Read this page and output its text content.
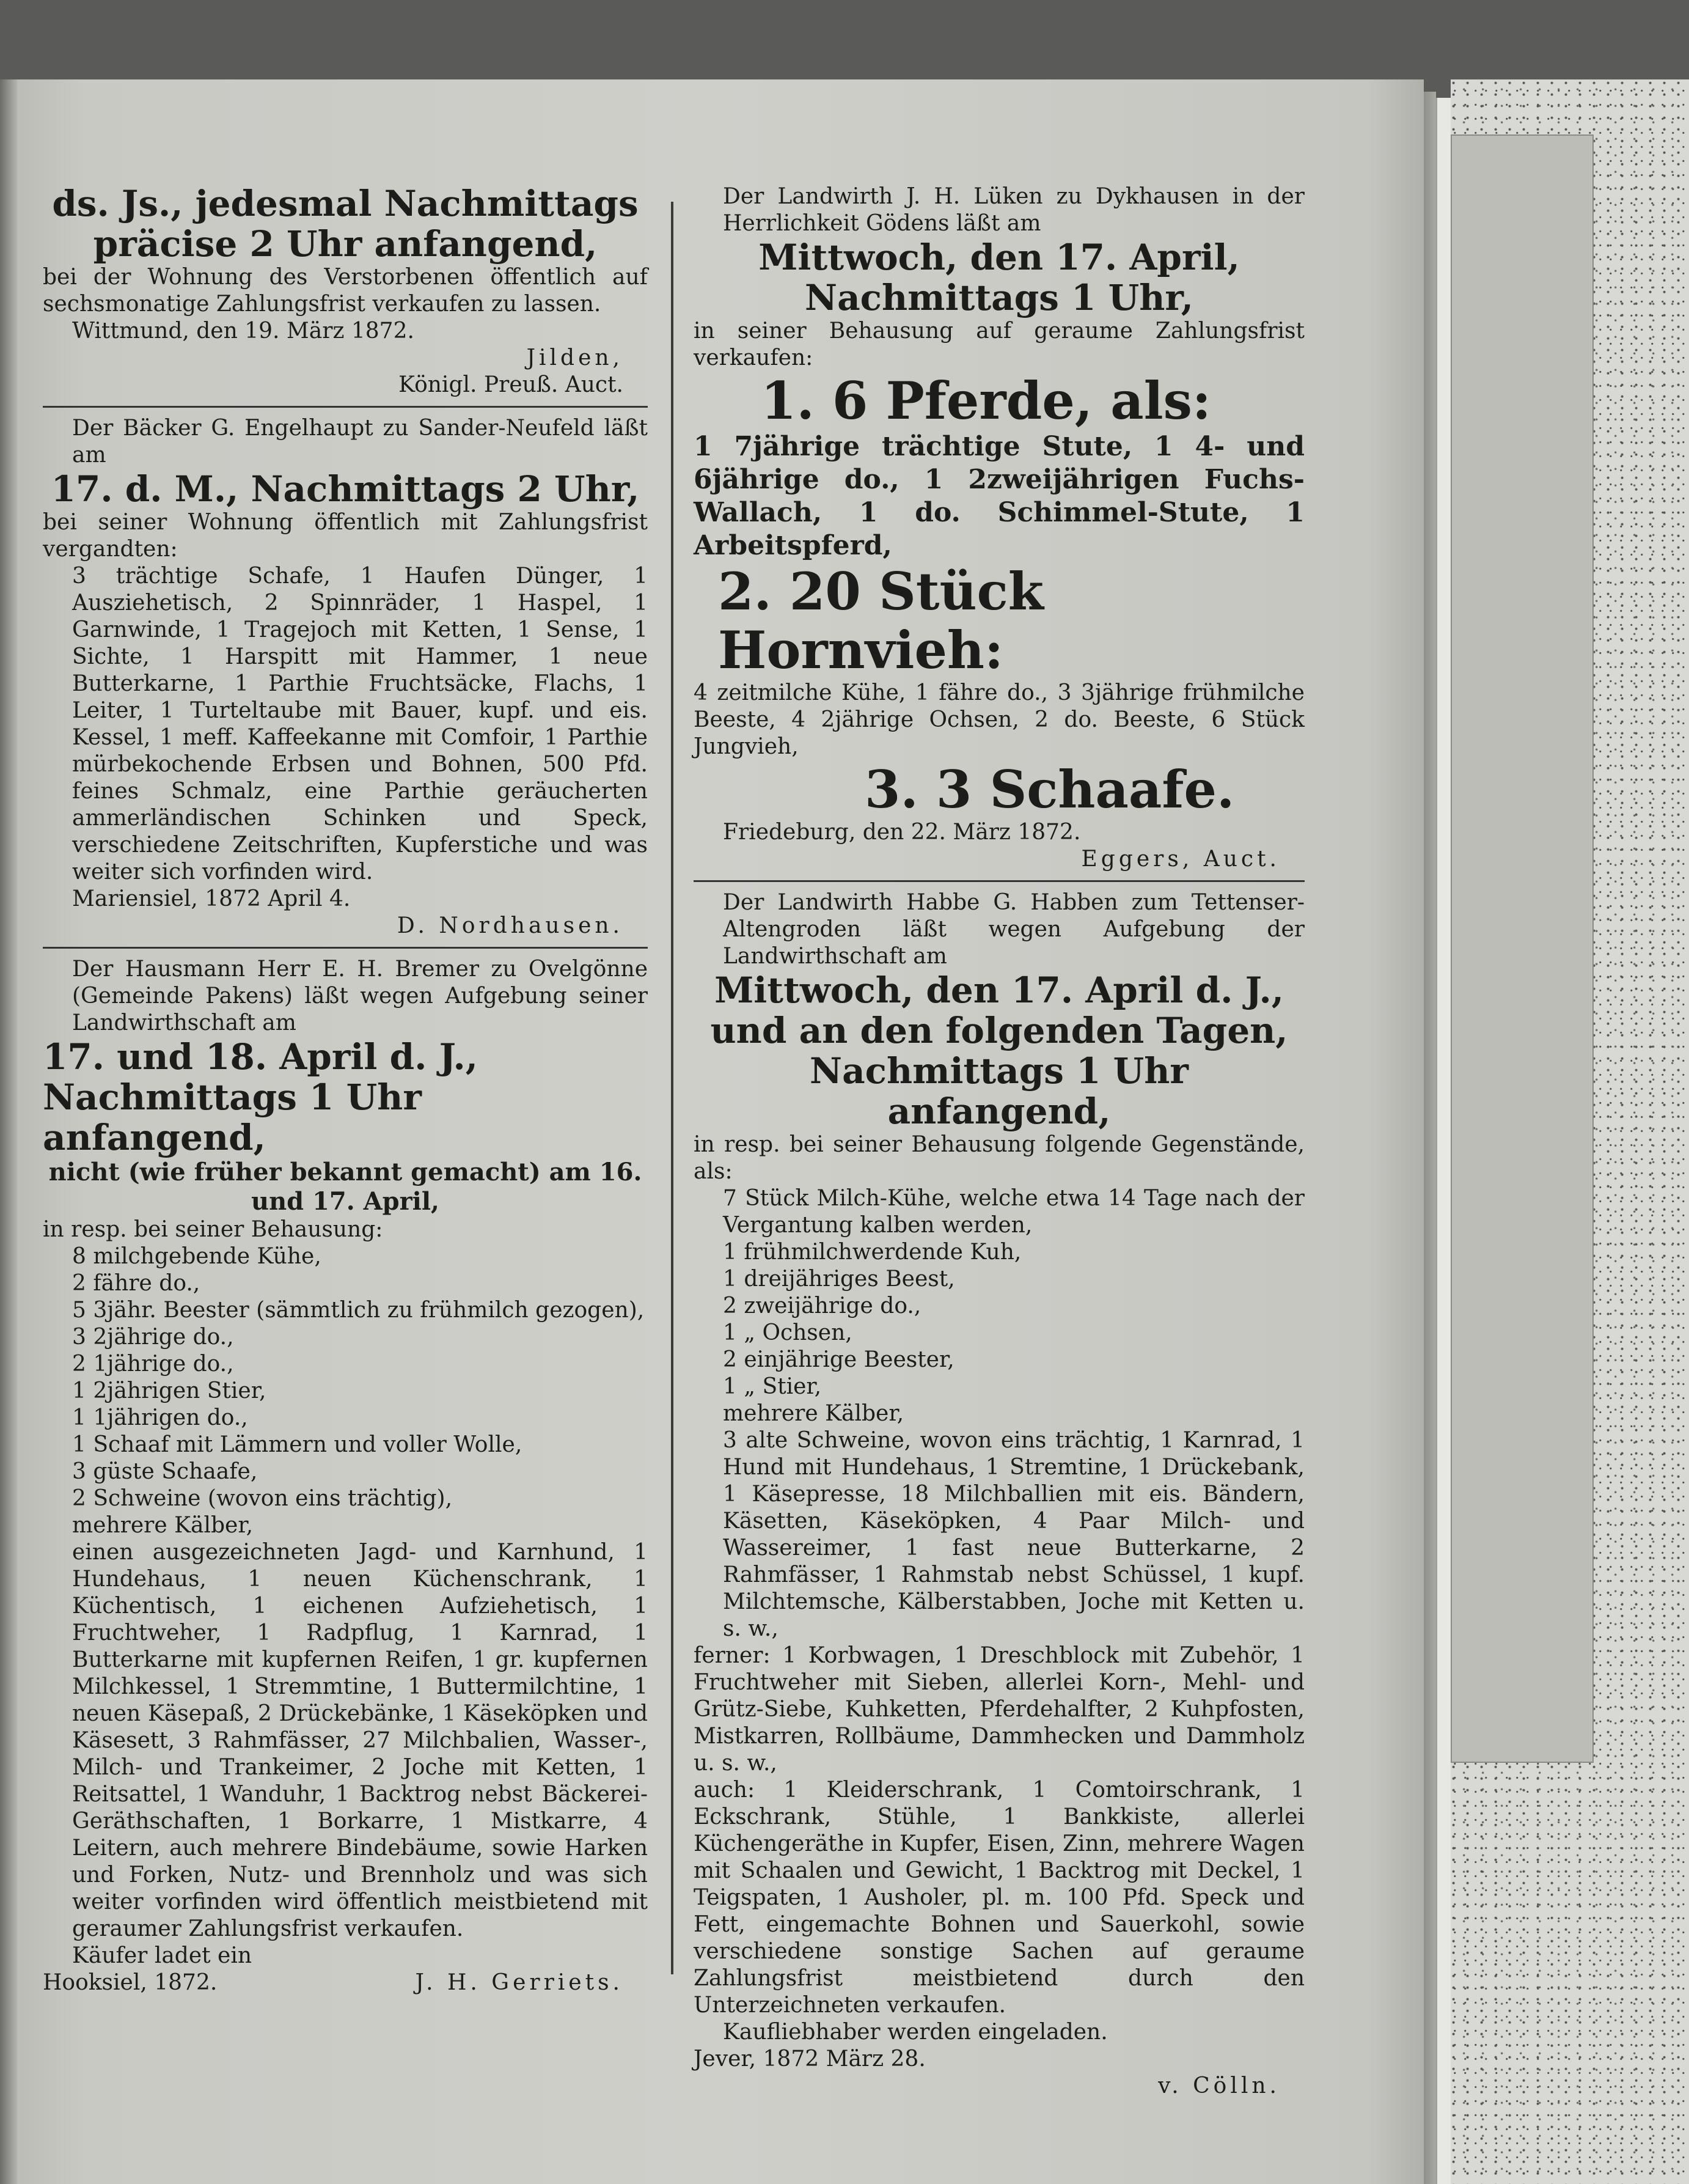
ds. Js., jedesmal Nachmittags

präcise 2 Uhr anfangend,

bei der Wohnung des Verstorbenen öffentlich auf sechsmonatige Zahlungsfrist verkaufen zu lassen.

Wittmund, den 19. März 1872.

Jilden,

Königl. Preuß. Auct.

Der Bäcker G. Engelhaupt zu Sander-Neufeld läßt am

17. d. M., Nachmittags 2 Uhr,

bei seiner Wohnung öffentlich mit Zahlungsfrist vergandten:

3 trächtige Schafe, 1 Haufen Dünger, 1 Ausziehetisch, 2 Spinnräder, 1 Haspel, 1 Garnwinde, 1 Tragejoch mit Ketten, 1 Sense, 1 Sichte, 1 Harspitt mit Hammer, 1 neue Butterkarne, 1 Parthie Fruchtsäcke, Flachs, 1 Leiter, 1 Turteltaube mit Bauer, kupf. und eis. Kessel, 1 meff. Kaffeekanne mit Comfoir, 1 Parthie mürbekochende Erbsen und Bohnen, 500 Pfd. feines Schmalz, eine Parthie geräucherten ammerländischen Schinken und Speck, verschiedene Zeitschriften, Kupferstiche und was weiter sich vorfinden wird.

Mariensiel, 1872 April 4.

D. Nordhausen.

Der Hausmann Herr E. H. Bremer zu Ovelgönne (Gemeinde Pakens) läßt wegen Aufgebung seiner Landwirthschaft am

17. und 18. April d. J., Nachmittags 1 Uhr anfangend,

nicht (wie früher bekannt gemacht) am 16. und 17. April,

in resp. bei seiner Behausung:

8 milchgebende Kühe,

2 fähre do.,

5 3jähr. Beester (sämmtlich zu frühmilch gezogen),

3 2jährige do.,

2 1jährige do.,

1 2jährigen Stier,

1 1jährigen do.,

1 Schaaf mit Lämmern und voller Wolle,

3 güste Schaafe,

2 Schweine (wovon eins trächtig),

mehrere Kälber,

einen ausgezeichneten Jagd- und Karnhund, 1 Hundehaus, 1 neuen Küchenschrank, 1 Küchentisch, 1 eichenen Aufziehetisch, 1 Fruchtweher, 1 Radpflug, 1 Karnrad, 1 Butterkarne mit kupfernen Reifen, 1 gr. kupfernen Milchkessel, 1 Stremmtine, 1 Buttermilchtine, 1 neuen Käsepaß, 2 Drückebänke, 1 Käseköpken und Käsesett, 3 Rahmfässer, 27 Milchbalien, Wasser-, Milch- und Trankeimer, 2 Joche mit Ketten, 1 Reitsattel, 1 Wanduhr, 1 Backtrog nebst Bäckerei-Geräthschaften, 1 Borkarre, 1 Mistkarre, 4 Leitern, auch mehrere Bindebäume, sowie Harken und Forken, Nutz- und Brennholz und was sich weiter vorfinden wird öffentlich meistbietend mit geraumer Zahlungsfrist verkaufen.

Käufer ladet ein

Hooksiel, 1872.	J. H. Gerriets.

Der Landwirth J. H. Lüken zu Dykhausen in der Herrlichkeit Gödens läßt am

Mittwoch, den 17. April,

Nachmittags 1 Uhr,

in seiner Behausung auf geraume Zahlungsfrist verkaufen:

1. 6 Pferde, als:

1 7jährige trächtige Stute, 1 4- und 6jährige do., 1 2zweijährigen Fuchs-Wallach, 1 do. Schimmel-Stute, 1 Arbeitspferd,

2. 20 Stück Hornvieh:

4 zeitmilche Kühe, 1 fähre do., 3 3jährige frühmilche Beeste, 4 2jährige Ochsen, 2 do. Beeste, 6 Stück Jungvieh,

3. 3 Schaafe.

Friedeburg, den 22. März 1872.

Eggers, Auct.

Der Landwirth Habbe G. Habben zum Tettenser-Altengroden läßt wegen Aufgebung der Landwirthschaft am

Mittwoch, den 17. April d. J., und an den folgenden Tagen, Nachmittags 1 Uhr anfangend,

in resp. bei seiner Behausung folgende Gegenstände, als:

7 Stück Milch-Kühe, welche etwa 14 Tage nach der Vergantung kalben werden,

1 frühmilchwerdende Kuh,

1 dreijähriges Beest,

2 zweijährige do.,

1 „ Ochsen,

2 einjährige Beester,

1 „ Stier,

mehrere Kälber,

3 alte Schweine, wovon eins trächtig, 1 Karnrad, 1 Hund mit Hundehaus, 1 Stremtine, 1 Drückebank, 1 Käsepresse, 18 Milchballien mit eis. Bändern, Käsetten, Käseköpken, 4 Paar Milch- und Wassereimer, 1 fast neue Butterkarne, 2 Rahmfässer, 1 Rahmstab nebst Schüssel, 1 kupf. Milchtemsche, Kälberstabben, Joche mit Ketten u. s. w.,

ferner: 1 Korbwagen, 1 Dreschblock mit Zubehör, 1 Fruchtweher mit Sieben, allerlei Korn-, Mehl- und Grütz-Siebe, Kuhketten, Pferdehalfter, 2 Kuhpfosten, Mistkarren, Rollbäume, Dammhecken und Dammholz u. s. w.,

auch: 1 Kleiderschrank, 1 Comtoirschrank, 1 Eckschrank, Stühle, 1 Bankkiste, allerlei Küchengeräthe in Kupfer, Eisen, Zinn, mehrere Wagen mit Schaalen und Gewicht, 1 Backtrog mit Deckel, 1 Teigspaten, 1 Ausholer, pl. m. 100 Pfd. Speck und Fett, eingemachte Bohnen und Sauerkohl, sowie verschiedene sonstige Sachen auf geraume Zahlungsfrist meistbietend durch den Unterzeichneten verkaufen.

Kaufliebhaber werden eingeladen.

Jever, 1872 März 28.

v. Cölln.
